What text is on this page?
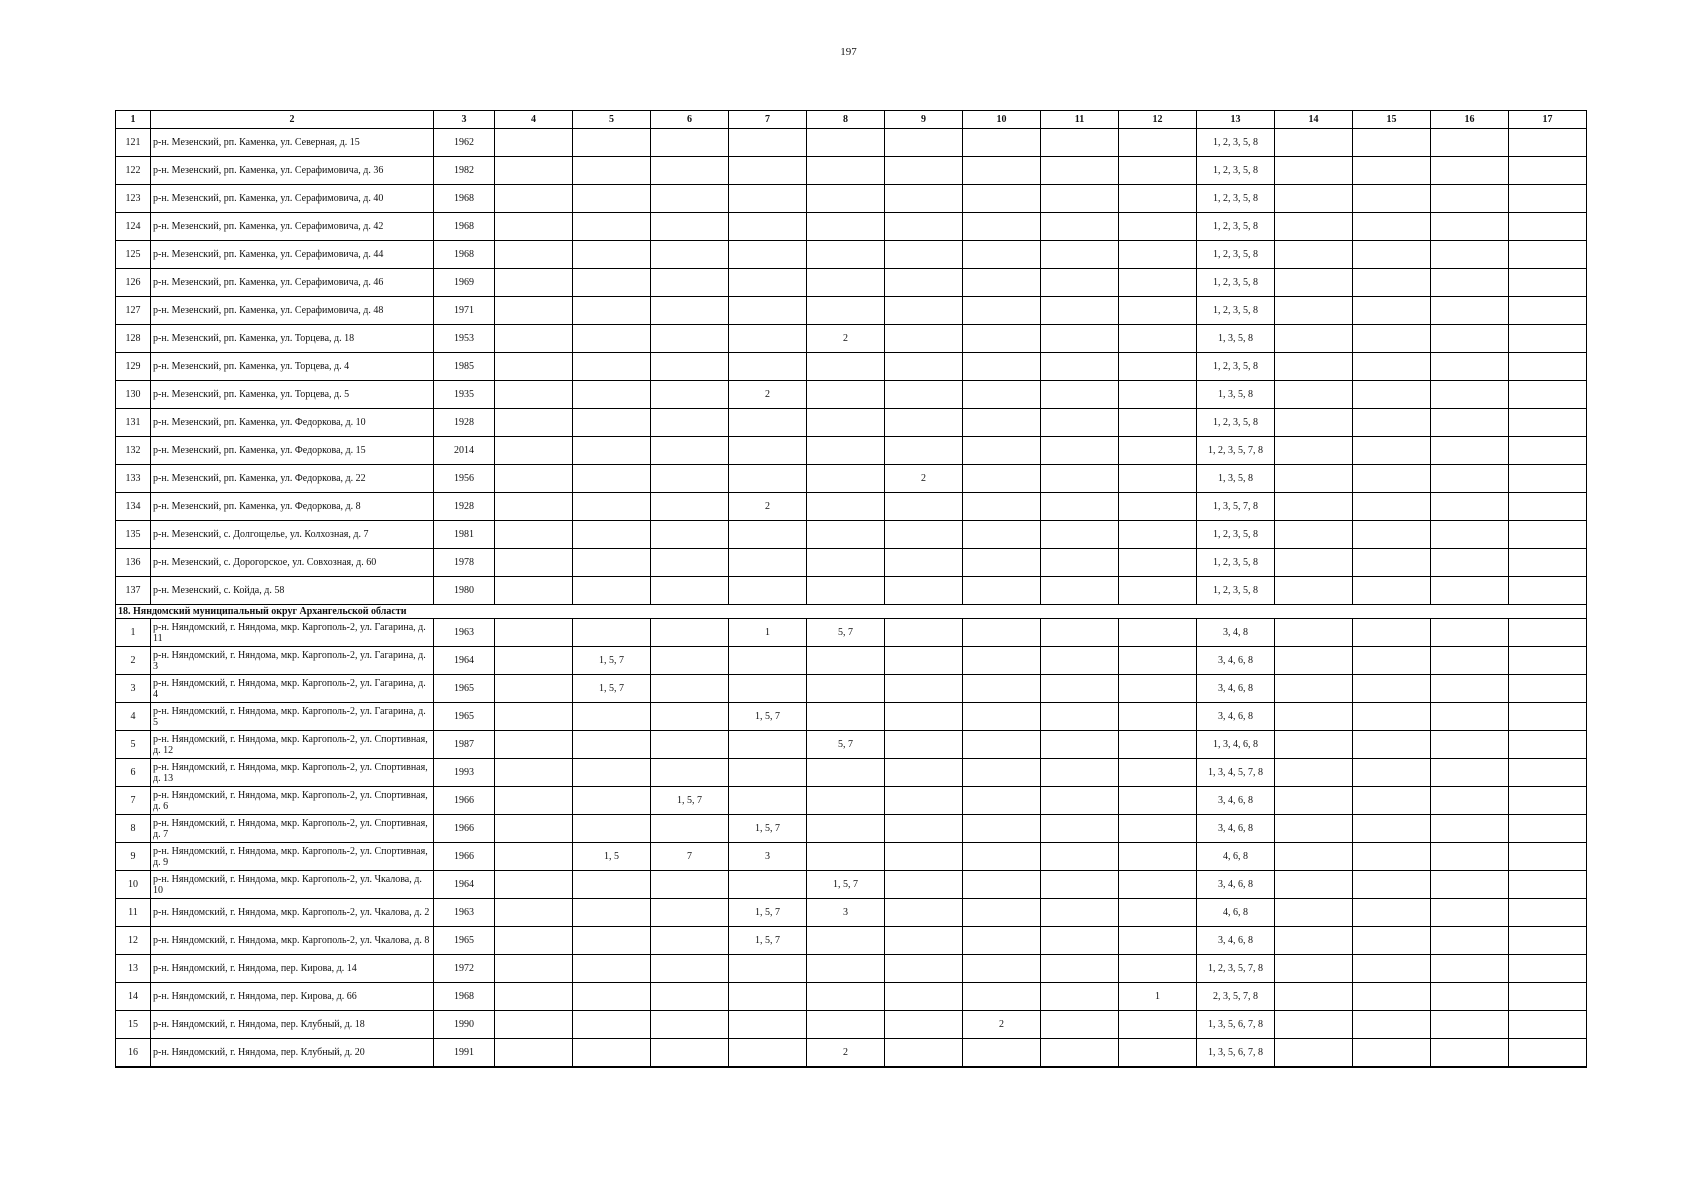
197
1	2	3	4	5	6	7	8	9	10	11	12	13	14	15	16	17
121	р-н. Мезенский, рп. Каменка, ул. Северная, д. 15	1962										1, 2, 3, 5, 8				
122	р-н. Мезенский, рп. Каменка, ул. Серафимовича, д. 36	1982										1, 2, 3, 5, 8				
123	р-н. Мезенский, рп. Каменка, ул. Серафимовича, д. 40	1968										1, 2, 3, 5, 8				
124	р-н. Мезенский, рп. Каменка, ул. Серафимовича, д. 42	1968										1, 2, 3, 5, 8				
125	р-н. Мезенский, рп. Каменка, ул. Серафимовича, д. 44	1968										1, 2, 3, 5, 8				
126	р-н. Мезенский, рп. Каменка, ул. Серафимовича, д. 46	1969										1, 2, 3, 5, 8				
127	р-н. Мезенский, рп. Каменка, ул. Серафимовича, д. 48	1971										1, 2, 3, 5, 8				
128	р-н. Мезенский, рп. Каменка, ул. Торцева, д. 18	1953					2					1, 3, 5, 8				
129	р-н. Мезенский, рп. Каменка, ул. Торцева, д. 4	1985										1, 2, 3, 5, 8				
130	р-н. Мезенский, рп. Каменка, ул. Торцева, д. 5	1935				2						1, 3, 5, 8				
131	р-н. Мезенский, рп. Каменка, ул. Федоркова, д. 10	1928										1, 2, 3, 5, 8				
132	р-н. Мезенский, рп. Каменка, ул. Федоркова, д. 15	2014										1, 2, 3, 5, 7, 8				
133	р-н. Мезенский, рп. Каменка, ул. Федоркова, д. 22	1956						2				1, 3, 5, 8				
134	р-н. Мезенский, рп. Каменка, ул. Федоркова, д. 8	1928				2						1, 3, 5, 7, 8				
135	р-н. Мезенский, с. Долгощелье, ул. Колхозная, д. 7	1981										1, 2, 3, 5, 8				
136	р-н. Мезенский, с. Дорогорское, ул. Совхозная, д. 60	1978										1, 2, 3, 5, 8				
137	р-н. Мезенский, с. Койда, д. 58	1980										1, 2, 3, 5, 8				
18. Няндомский муниципальный округ Архангельской области																
1	р-н. Няндомский, г. Няндома, мкр. Каргополь-2, ул. Гагарина, д. 11	1963				1	5, 7					3, 4, 8				
2	р-н. Няндомский, г. Няндома, мкр. Каргополь-2, ул. Гагарина, д. 3	1964		1, 5, 7								3, 4, 6, 8				
3	р-н. Няндомский, г. Няндома, мкр. Каргополь-2, ул. Гагарина, д. 4	1965		1, 5, 7								3, 4, 6, 8				
4	р-н. Няндомский, г. Няндома, мкр. Каргополь-2, ул. Гагарина, д. 5	1965				1, 5, 7						3, 4, 6, 8				
5	р-н. Няндомский, г. Няндома, мкр. Каргополь-2, ул. Спортивная, д. 12	1987					5, 7					1, 3, 4, 6, 8				
6	р-н. Няндомский, г. Няндома, мкр. Каргополь-2, ул. Спортивная, д. 13	1993										1, 3, 4, 5, 7, 8				
7	р-н. Няндомский, г. Няндома, мкр. Каргополь-2, ул. Спортивная, д. 6	1966			1, 5, 7							3, 4, 6, 8				
8	р-н. Няндомский, г. Няндома, мкр. Каргополь-2, ул. Спортивная, д. 7	1966				1, 5, 7						3, 4, 6, 8				
9	р-н. Няндомский, г. Няндома, мкр. Каргополь-2, ул. Спортивная, д. 9	1966		1, 5	7	3						4, 6, 8				
10	р-н. Няндомский, г. Няндома, мкр. Каргополь-2, ул. Чкалова, д. 10	1964					1, 5, 7					3, 4, 6, 8				
11	р-н. Няндомский, г. Няндома, мкр. Каргополь-2, ул. Чкалова, д. 2	1963				1, 5, 7	3					4, 6, 8				
12	р-н. Няндомский, г. Няндома, мкр. Каргополь-2, ул. Чкалова, д. 8	1965				1, 5, 7						3, 4, 6, 8				
13	р-н. Няндомский, г. Няндома, пер. Кирова, д. 14	1972										1, 2, 3, 5, 7, 8				
14	р-н. Няндомский, г. Няндома, пер. Кирова, д. 66	1968									1	2, 3, 5, 7, 8				
15	р-н. Няндомский, г. Няндома, пер. Клубный, д. 18	1990							2			1, 3, 5, 6, 7, 8				
16	р-н. Няндомский, г. Няндома, пер. Клубный, д. 20	1991					2					1, 3, 5, 6, 7, 8				
